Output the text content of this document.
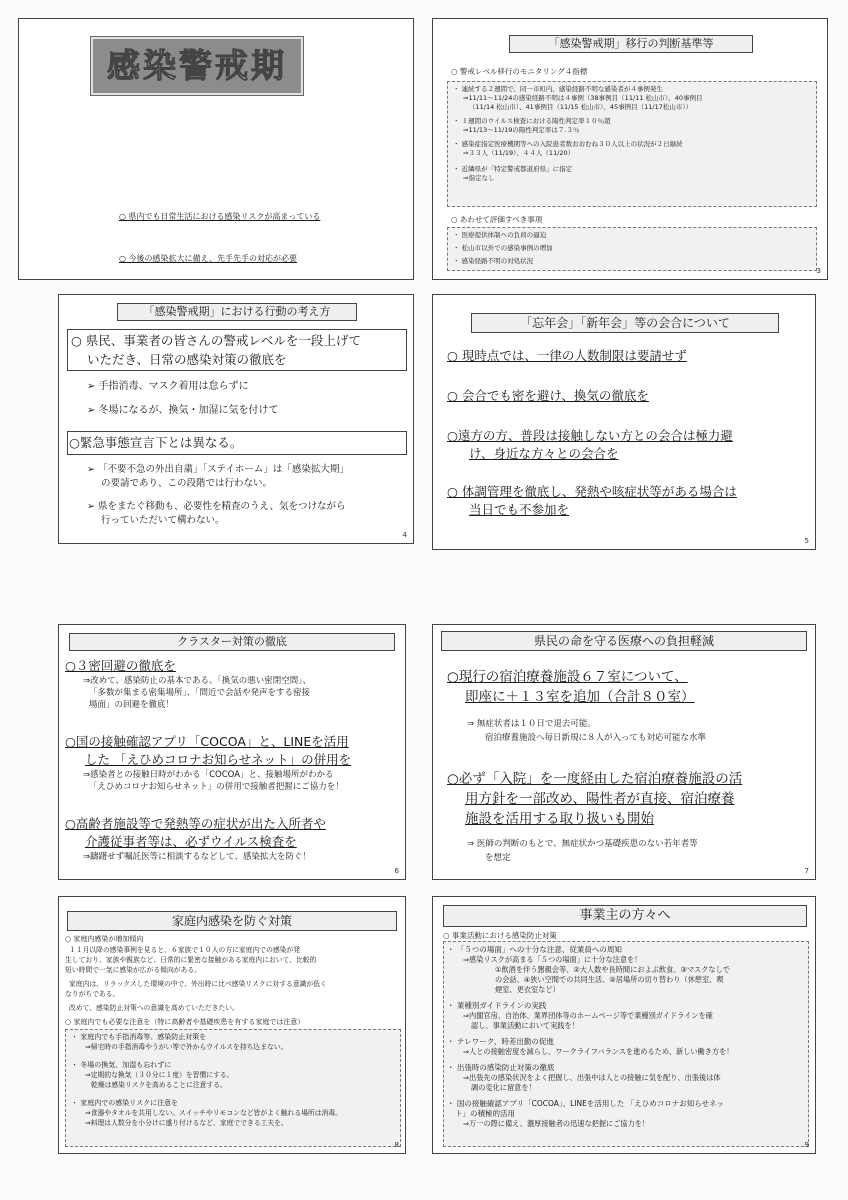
感染警戒期
○ 県内でも日常生活における感染リスクが高まっている
○ 今後の感染拡大に備え、先手先手の対応が必要
「感染警戒期」移行の判断基準等
○ 警戒レベル移行のモニタリング４指標
・ 連続する２週間で、同一市町内、感染経路不明な感染者が４事例発生
⇒11/11～11/24の感染経路不明は４事例（38事例目（11/11 松山市）、40事例目
（11/14 松山市）、41事例目（11/15 松山市）、45事例目（11/17松山市））
・ １週間のウイルス検査における陽性判定率１０％超
⇒11/13～11/19の陽性判定率は７.３％
・ 感染症指定医療機関等への入院患者数おおむね３０人以上の状況が２日継続
⇒３３人（11/19）、４４人（11/20）
・ 近隣県が「特定警戒都道府県」に指定
⇒指定なし
○ あわせて評価すべき事項
・ 医療提供体制への負荷の逼迫
・ 松山市以外での感染事例の増加
・ 感染経路不明の対処状況
3
「感染警戒期」における行動の考え方
○ 県民、事業者の皆さんの警戒レベルを一段上げて
いただき、日常の感染対策の徹底を
➢ 手指消毒、マスク着用は怠らずに
➢ 冬場になるが、換気・加湿に気を付けて
○緊急事態宣言下とは異なる。
➢ 「不要不急の外出自粛」「ステイホーム」は「感染拡大期」
の要請であり、この段階では行わない。
➢ 県をまたぐ移動も、必要性を精査のうえ、気をつけながら
行っていただいて構わない。
4
「忘年会」「新年会」等の会合について
○ 現時点では、一律の人数制限は要請せず
○ 会合でも密を避け、換気の徹底を
○遠方の方、普段は接触しない方との会合は極力避
け、身近な方々との会合を
○ 体調管理を徹底し、発熱や咳症状等がある場合は
当日でも不参加を
5
クラスター対策の徹底
○３密回避の徹底を
⇒改めて、感染防止の基本である、「換気の悪い密閉空間」、
「多数が集まる密集場所」、「間近で会話や発声をする密接
場面」の回避を徹底！
○国の接触確認アプリ「COCOA」と、LINEを活用
した 「えひめコロナお知らせネット」の併用を
⇒感染者との接触日時がわかる「COCOA」と、接触場所がわかる
「えひめコロナお知らせネット」の併用で接触者把握にご協力を！
○高齢者施設等で発熱等の症状が出た入所者や
介護従事者等は、必ずウイルス検査を
⇒躊躇せず嘱託医等に相談するなどして、感染拡大を防ぐ！
6
県民の命を守る医療への負担軽減
○現行の宿泊療養施設６７室について、
即座に＋１３室を追加（合計８０室）
⇒ 無症状者は１０日で退去可能。
宿泊療養施設へ毎日新規に８人が入っても対応可能な水準
○必ず「入院」を一度経由した宿泊療養施設の活
用方針を一部改め、陽性者が直接、宿泊療養
施設を活用する取り扱いも開始
⇒ 医師の判断のもとで、無症状かつ基礎疾患のない若年者等
を想定
7
家庭内感染を防ぐ対策
○ 家庭内感染が増加傾向
１１月以降の感染事例を見ると、６家族で１０人の方に家庭内での感染が発
生しており、家族や親族など、日常的に緊密な接触がある家庭内において、比較的
短い時間で一気に感染が広がる傾向がある。
家庭内は、リラックスした環境の中で、外出時に比べ感染リスクに対する意識が低く
なりがちである。
改めて、感染防止対策への意識を高めていただきたい。
○ 家庭内でも必要な注意を（特に高齢者や基礎疾患を有する家庭では注意）
・ 家庭内でも手指消毒等、感染防止対策を
⇒帰宅時の手指消毒やうがい等で外からウイルスを持ち込まない。
・ 冬場の換気、加湿も忘れずに
⇒定期的な換気（３０分に１度）を習慣にする。
乾燥は感染リスクを高めることに注意する。
・ 家庭内での感染リスクに注意を
⇒食器やタオルを共用しない。スイッチやリモコンなど皆がよく触れる場所は消毒。
⇒料理は人数分を小分けに盛り付けるなど、家庭でできる工夫を。
8
事業主の方々へ
○ 事業活動における感染防止対策
・ 「５つの場面」への十分な注意、従業員への周知
⇒感染リスクが高まる「５つの場面」に十分な注意を！
①飲酒を伴う懇親会等、②大人数や長時間におよぶ飲食、③マスクなしで
の会話、④狭い空間での共同生活、⑤居場所の切り替わり（休憩室、喫
煙室、更衣室など）
・ 業種別ガイドラインの実践
⇒内閣官房、自治体、業界団体等のホームページ等で業種別ガイドラインを確
認し、事業活動において実践を！
・ テレワーク、時差出勤の促進
⇒人との接触密度を減らし、ワークライフバランスを進めるため、新しい働き方を！
・ 出張時の感染防止対策の徹底
⇒出張先の感染状況をよく把握し、出張中は人との接触に気を配り、出張後は体
調の変化に留意を！
・ 国の接触確認アプリ「COCOA」、LINEを活用した 「えひめコロナお知らせネッ
ト」の積極的活用
⇒万一の際に備え、濃厚接触者の迅速な把握にご協力を！
9
